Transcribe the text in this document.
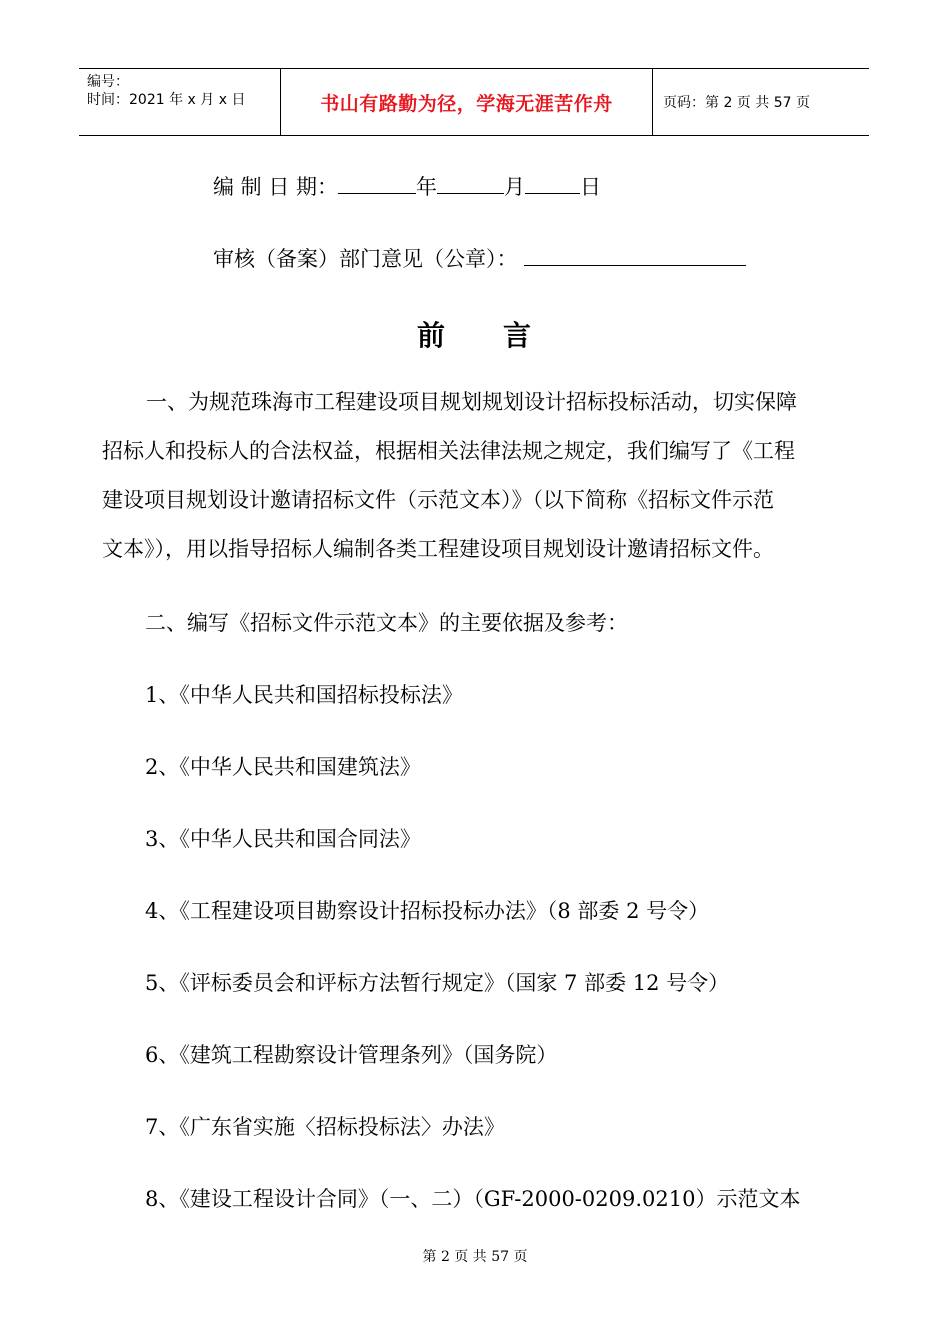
编号：
时间：2021 年 x 月 x 日	书山有路勤为径，学海无涯苦作舟	页码：第 2 页 共 57 页
编 制 日 期：	年	月	日
审核（备案）部门意见（公章）：
前 言
一、为规范珠海市工程建设项目规划规划设计招标投标活动，切实保障
招标人和投标人的合法权益，根据相关法律法规之规定，我们编写了《工程
建设项目规划设计邀请招标文件（示范文本）》（以下简称《招标文件示范
文本》），用以指导招标人编制各类工程建设项目规划设计邀请招标文件。
二、编写《招标文件示范文本》的主要依据及参考：
1、《中华人民共和国招标投标法》
2、《中华人民共和国建筑法》
3、《中华人民共和国合同法》
4、《工程建设项目勘察设计招标投标办法》（8 部委 2 号令）
5、《评标委员会和评标方法暂行规定》（国家 7 部委 12 号令）
6、《建筑工程勘察设计管理条列》（国务院）
7、《广东省实施〈招标投标法〉办法》
8、《建设工程设计合同》（一、二）（GF-2000-0209.0210）示范文本
第 2 页 共 57 页
